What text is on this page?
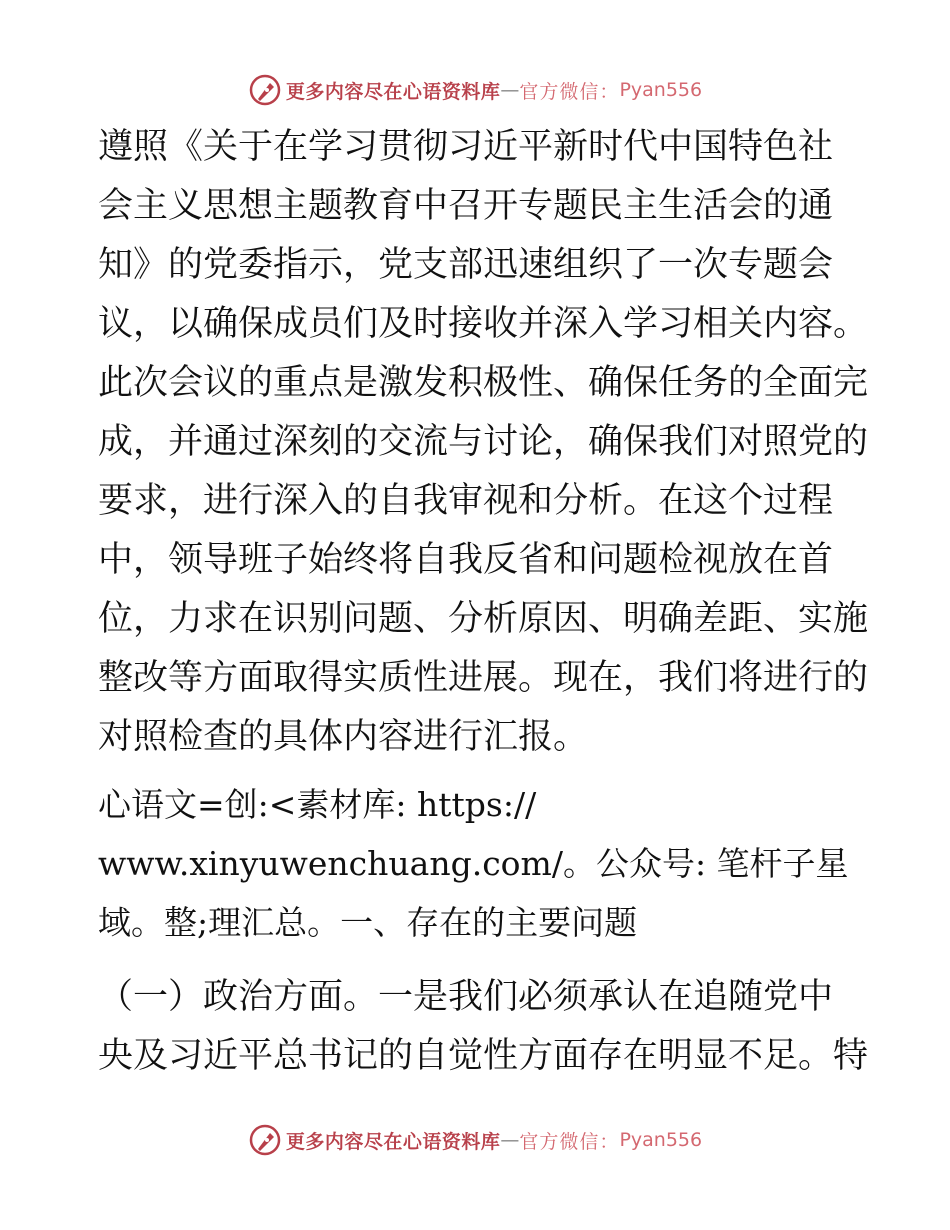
更多内容尽在心语资料库 — 官方微信： Pyan556
遵照《关于在学习贯彻习近平新时代中国特色社
会主义思想主题教育中召开专题民主生活会的通
知》的党委指示，党支部迅速组织了一次专题会
议，以确保成员们及时接收并深入学习相关内容。
此次会议的重点是激发积极性、确保任务的全面完
成，并通过深刻的交流与讨论，确保我们对照党的
要求，进行深入的自我审视和分析。在这个过程
中，领导班子始终将自我反省和问题检视放在首
位，力求在识别问题、分析原因、明确差距、实施
整改等方面取得实质性进展。现在，我们将进行的
对照检查的具体内容进行汇报。
心语文=创:<素材库: https://
www.xinyuwenchuang.com/。公众号: 笔杆子星
域。整;理汇总。一、存在的主要问题
（一）政治方面。一是我们必须承认在追随党中
央及习近平总书记的自觉性方面存在明显不足。特
更多内容尽在心语资料库 — 官方微信： Pyan556
